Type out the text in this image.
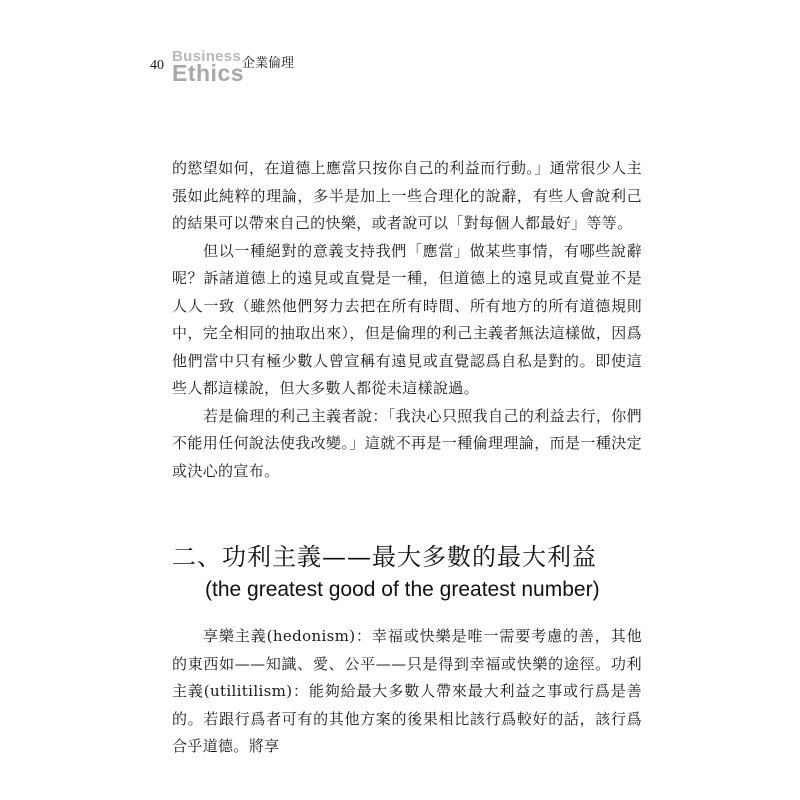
40
Business
Ethics
企業倫理

的慾望如何，在道德上應當只按你自己的利益而行動。」通常很少人主張如此純粹的理論，多半是加上一些合理化的說辭，有些人會說利己的結果可以帶來自己的快樂，或者說可以「對每個人都最好」等等。

但以一種絕對的意義支持我們「應當」做某些事情，有哪些說辭呢？訴諸道德上的遠見或直覺是一種，但道德上的遠見或直覺並不是人人一致（雖然他們努力去把在所有時間、所有地方的所有道德規則中，完全相同的抽取出來），但是倫理的利己主義者無法這樣做，因爲他們當中只有極少數人曾宣稱有遠見或直覺認爲自私是對的。即使這些人都這樣說，但大多數人都從未這樣說過。

若是倫理的利己主義者說：「我決心只照我自己的利益去行，你們不能用任何說法使我改變。」這就不再是一種倫理理論，而是一種決定或決心的宣布。

二、功利主義——最大多數的最大利益
(the greatest good of the greatest number)

享樂主義(hedonism)：幸福或快樂是唯一需要考慮的善，其他的東西如——知識、愛、公平——只是得到幸福或快樂的途徑。功利主義(utilitilism)：能夠給最大多數人帶來最大利益之事或行爲是善的。若跟行爲者可有的其他方案的後果相比該行爲較好的話，該行爲合乎道德。將享
